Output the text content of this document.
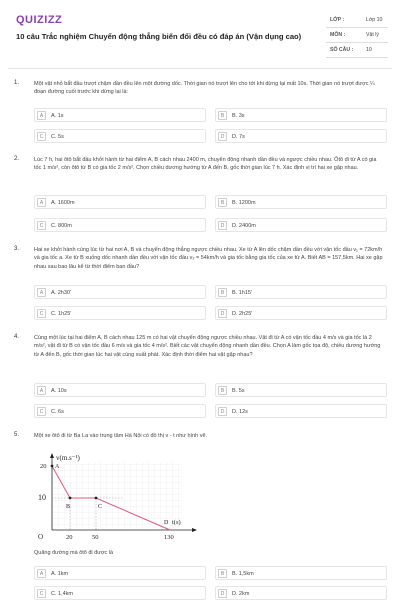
QUIZIZZ
10 câu Trắc nghiệm Chuyển động thẳng biến đổi đều có đáp án (Vận dụng cao)
LỚP :	Lớp 10
MÔN :	Vật lý
SỐ CÂU : 10
1.	Một vật nhỏ bắt đầu trượt chậm dần đều lên một đường dốc. Thời gian nó trượt lên cho tới khi dừng lại mất 10s. Thời gian nó trượt được ¼ đoạn đường cuối trước khi dừng lại là:
A	A. 1s	B	B. 3s
C	C. 5s	D	D. 7s
2.	Lúc 7 h, hai ôtô bắt đầu khởi hành từ hai điểm A, B cách nhau 2400 m, chuyển động nhanh dần đều và ngược chiều nhau. Ôtô đi từ A có gia tốc 1 m/s², còn ôtô từ B có gia tốc 2 m/s². Chọn chiều dương hướng từ A đến B, gốc thời gian lúc 7 h. Xác định vị trí hai xe gặp nhau.
A	A. 1600m	B	B. 1200m
C	C. 800m	D	D. 2400m
3.	Hai xe khởi hành cùng lúc từ hai nơi A, B và chuyển động thẳng ngược chiều nhau. Xe từ A lên dốc chậm dần đều với vận tốc đầu v₁ = 72km/h và gia tốc a. Xe từ B xuống dốc nhanh dần đều với vận tốc đầu v₂ = 54km/h và gia tốc bằng gia tốc của xe từ A. Biết AB = 157,5km. Hai xe gặp nhau sau bao lâu kể từ thời điểm ban đầu?
A	A. 2h30'	B	B. 1h15'
C	C. 1h25'	D	D. 2h25'
4.	Cùng một lúc tại hai điểm A, B cách nhau 125 m có hai vật chuyển động ngược chiều nhau. Vật đi từ A có vận tốc đầu 4 m/s và gia tốc là 2 m/s², vật đi từ B có vận tốc đầu 6 m/s và gia tốc 4 m/s². Biết các vật chuyển động nhanh dần đều. Chọn A làm gốc tọa độ, chiều dương hướng từ A đến B, gốc thời gian lúc hai vật cùng xuất phát. Xác định thời điểm hai vật gặp nhau?
A	A. 10s	B	B. 5s
C	C. 6s	D	D. 12s
5.	Một xe ôtô đi từ Ba La vào trung tâm Hà Nội có đồ thị v - t như hình vẽ.
v(m.s⁻¹)
t(s)
20
10
O	20	50	130
A
B	C
D
Quãng đường mà ôtô đi được là
A	A. 1km	B	B. 1,5km
C	C. 1,4km	D	D. 2km
